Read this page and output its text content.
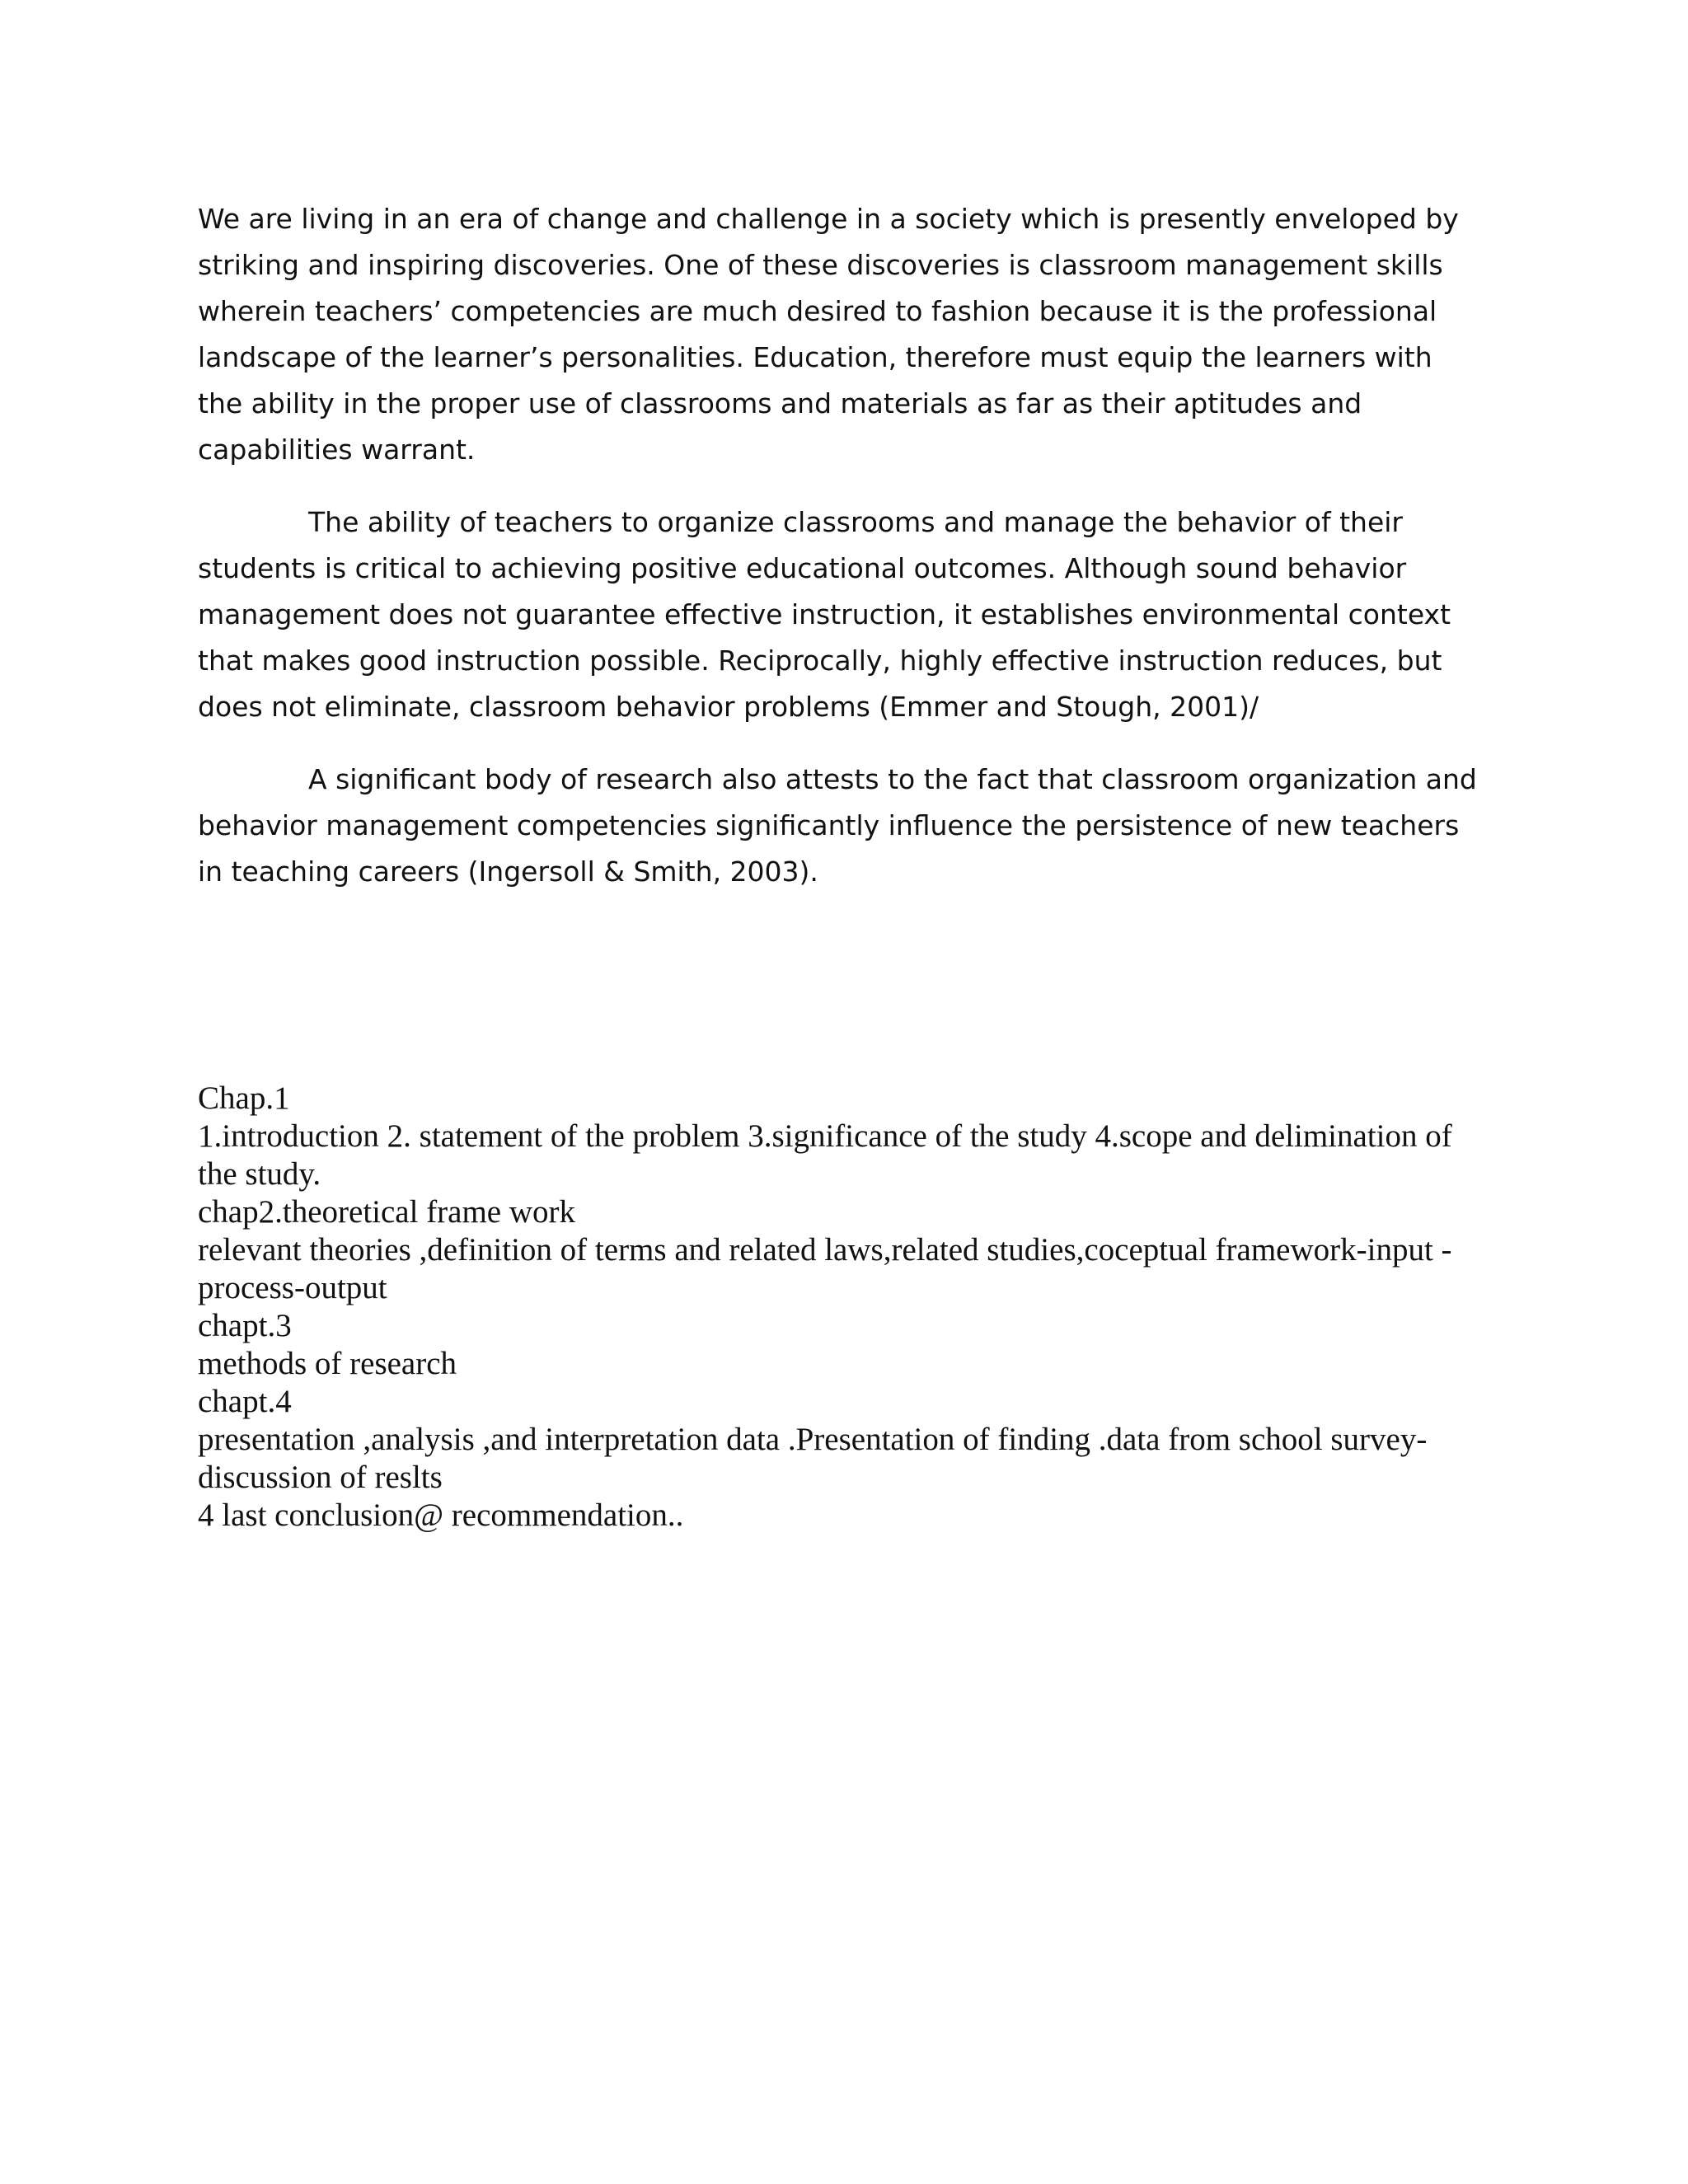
We are living in an era of change and challenge in a society which is presently enveloped by striking and inspiring discoveries. One of these discoveries is classroom management skills wherein teachers’ competencies are much desired to fashion because it is the professional landscape of the learner’s personalities. Education, therefore must equip the learners with the ability in the proper use of classrooms and materials as far as their aptitudes and capabilities warrant.

The ability of teachers to organize classrooms and manage the behavior of their students is critical to achieving positive educational outcomes. Although sound behavior management does not guarantee effective instruction, it establishes environmental context that makes good instruction possible. Reciprocally, highly effective instruction reduces, but does not eliminate, classroom behavior problems (Emmer and Stough, 2001)/

A significant body of research also attests to the fact that classroom organization and behavior management competencies significantly influence the persistence of new teachers in teaching careers (Ingersoll & Smith, 2003).

Chap.1
1.introduction 2. statement of the problem 3.significance of the study 4.scope and delimination of the study.
chap2.theoretical frame work
relevant theories ,definition of terms and related laws,related studies,coceptual framework-input -process-output
chapt.3
methods of research
chapt.4
presentation ,analysis ,and interpretation data .Presentation of finding .data from school survey-discussion of reslts
4 last conclusion@ recommendation..
